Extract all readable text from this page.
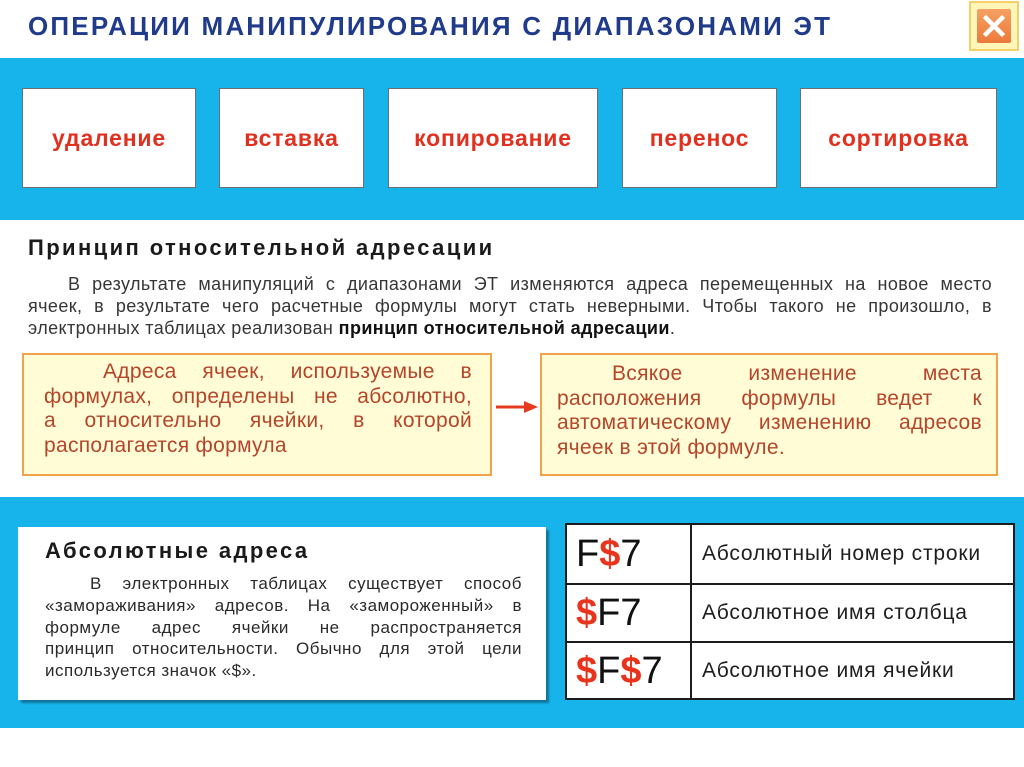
ОПЕРАЦИИ МАНИПУЛИРОВАНИЯ С ДИАПАЗОНАМИ ЭТ
удаление	вставка	копирование	перенос	сортировка
Принцип относительной адресации
В результате манипуляций с диапазонами ЭТ изменяются адреса перемещенных на новое место
ячеек, в результате чего расчетные формулы могут стать неверными. Чтобы такого не произошло, в
электронных таблицах реализован принцип относительной адресации.
Адреса ячеек, используемые в
формулах, определены не абсолютно,
а относительно ячейки, в которой
располагается формула
Всякое изменение места
расположения формулы ведет к
автоматическому изменению адресов
ячеек в этой формуле.
Абсолютные адреса
В электронных таблицах существует способ
«замораживания» адресов. На «замороженный» в
формуле адрес ячейки не распространяется
принцип относительности. Обычно для этой цели
используется значок «$».
F$7	Абсолютный номер строки
$F7	Абсолютное имя столбца
$F$7	Абсолютное имя ячейки
